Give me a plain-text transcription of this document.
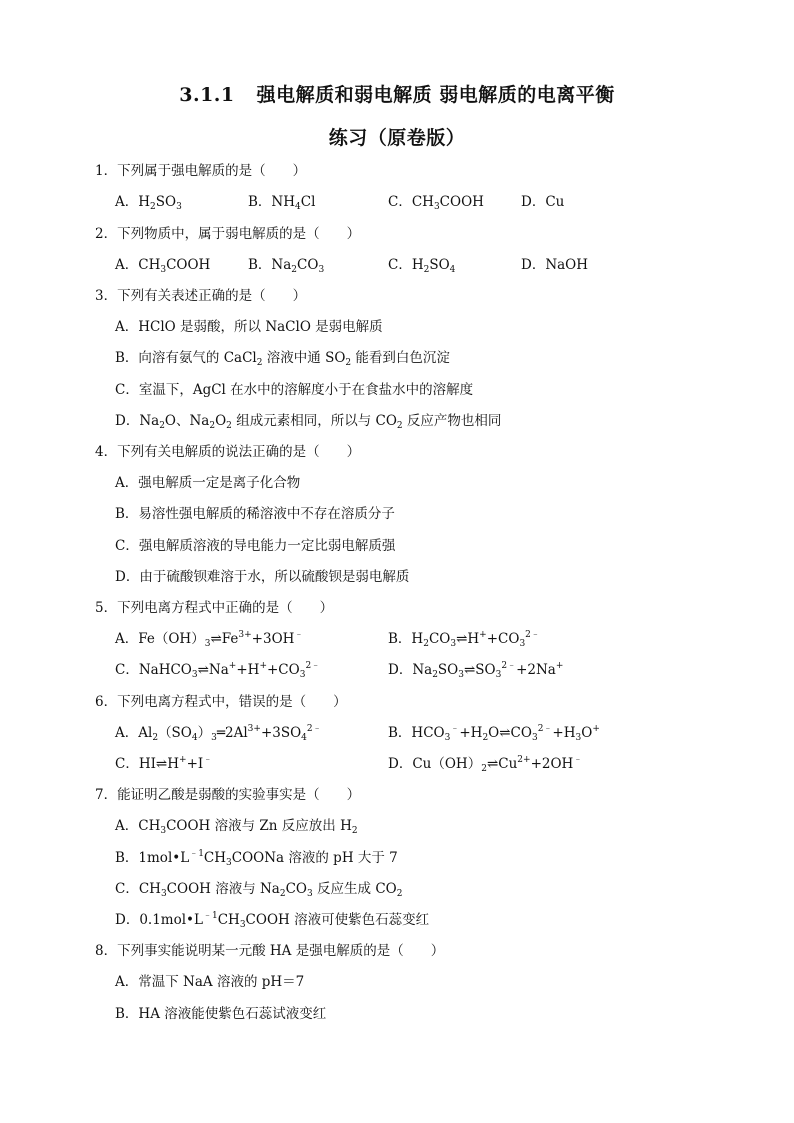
3.1.1 强电解质和弱电解质 弱电解质的电离平衡
练习（原卷版）
1．下列属于强电解质的是（　　）
A．$H_2SO_3$	B．$NH_4Cl$	C．$CH_3COOH$	D．Cu
2．下列物质中，属于弱电解质的是（　　）
A．$CH_3COOH$	B．$Na_2CO_3$	C．$H_2SO_4$	D．NaOH
3．下列有关表述正确的是（　　）
A．HClO 是弱酸，所以 NaClO 是弱电解质
B．向溶有氨气的 CaCl$_2$ 溶液中通 $SO_2$ 能看到白色沉淀
C．室温下，AgCl 在水中的溶解度小于在食盐水中的溶解度
D．$Na_2O$、$Na_2O_2$ 组成元素相同，所以与 $CO_2$ 反应产物也相同
4．下列有关电解质的说法正确的是（　　）
A．强电解质一定是离子化合物
B．易溶性强电解质的稀溶液中不存在溶质分子
C．强电解质溶液的导电能力一定比弱电解质强
D．由于硫酸钡难溶于水，所以硫酸钡是弱电解质
5．下列电离方程式中正确的是（　　）
A．$Fe(OH)_3\rightleftharpoons Fe^{3+}+3OH^﹣$	B．$H_2CO_3\rightleftharpoons H^++CO_3^{2﹣}$
C．$NaHCO_3\rightleftharpoons Na^++H^++CO_3^{2﹣}$	D．$Na_2SO_3\rightleftharpoons SO_3^{2﹣}+2Na^+$
6．下列电离方程式中，错误的是（　　）
A．$Al_2(SO_4)_3═2Al^{3+}+3SO_4^{2﹣}$	B．$HCO_3^﹣+H_2O\rightleftharpoons CO_3^{2﹣}+H_3O^+$
C．HI⇌H++I﹣	D．$Cu(OH)_2\rightleftharpoons Cu^{2+}+2OH^﹣$
7．能证明乙酸是弱酸的实验事实是（　　）
A．$CH_3COOH$ 溶液与 Zn 反应放出 $H_2$
B．$1mol•L^{﹣1}CH_3COONa$ 溶液的 pH 大于 7
C．$CH_3COOH$ 溶液与 $Na_2CO_3$ 反应生成 $CO_2$
D．$0.1mol•L^{﹣1}CH_3COOH$ 溶液可使紫色石蕊变红
8．下列事实能说明某一元酸 HA 是强电解质的是（　　）
A．常温下 NaA 溶液的 pH＝7
B．HA 溶液能使紫色石蕊试液变红
